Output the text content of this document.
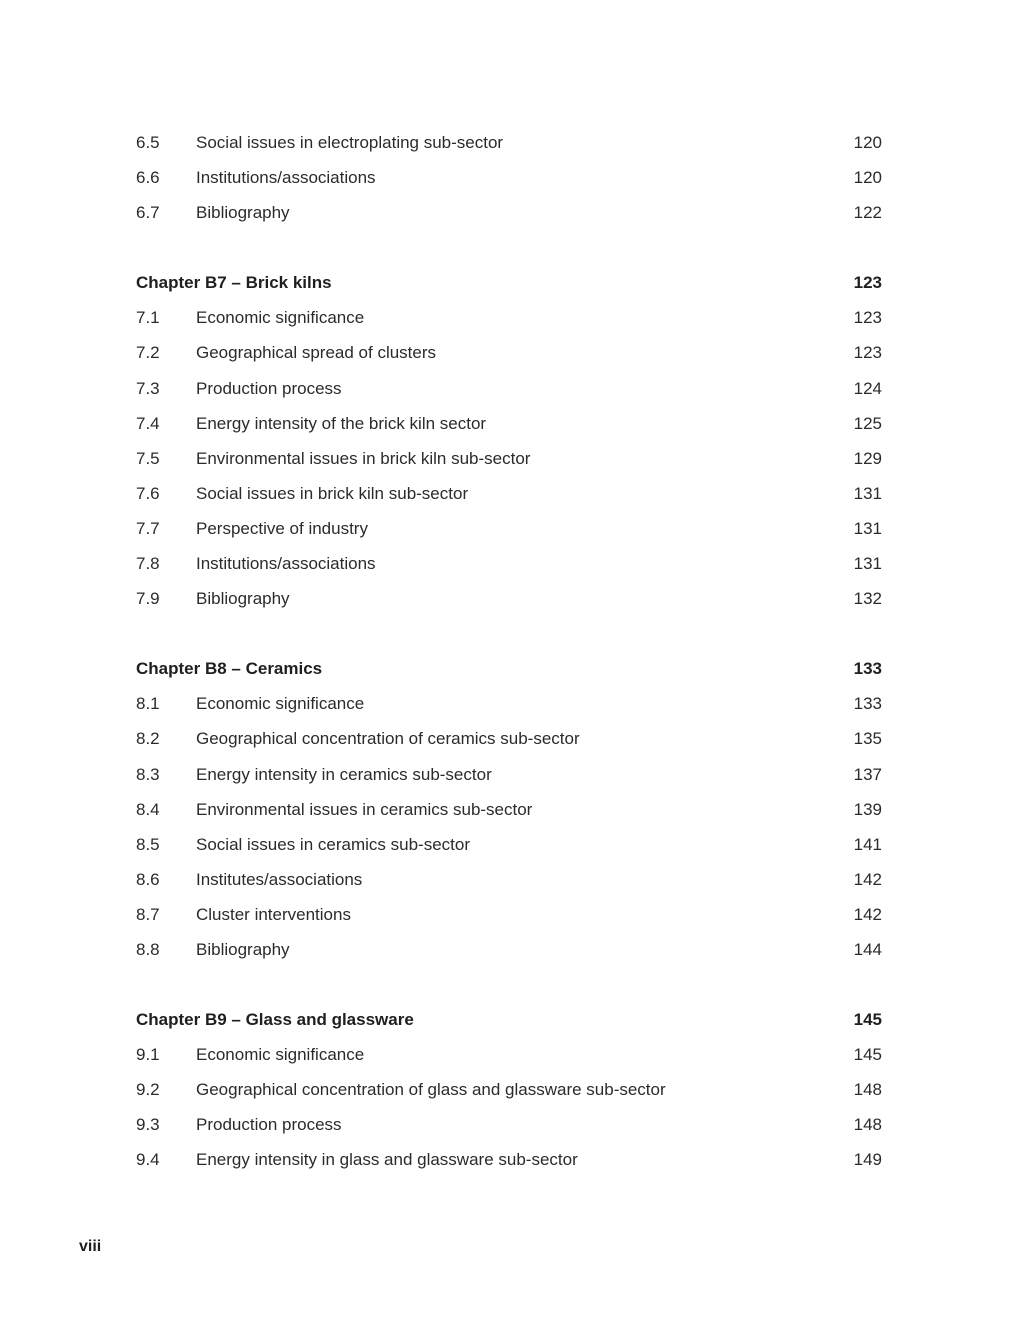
6.5 Social issues in electroplating sub-sector	120
6.6 Institutions/associations	120
6.7 Bibliography	122
Chapter B7 – Brick kilns	123
7.1 Economic significance	123
7.2 Geographical spread of clusters	123
7.3 Production process	124
7.4 Energy intensity of the brick kiln sector	125
7.5 Environmental issues in brick kiln sub-sector	129
7.6 Social issues in brick kiln sub-sector	131
7.7 Perspective of industry	131
7.8 Institutions/associations	131
7.9 Bibliography	132
Chapter B8 – Ceramics	133
8.1 Economic significance	133
8.2 Geographical concentration of ceramics sub-sector	135
8.3 Energy intensity in ceramics sub-sector	137
8.4 Environmental issues in ceramics sub-sector	139
8.5 Social issues in ceramics sub-sector	141
8.6 Institutes/associations	142
8.7 Cluster interventions	142
8.8 Bibliography	144
Chapter B9 – Glass and glassware	145
9.1 Economic significance	145
9.2 Geographical concentration of glass and glassware sub-sector	148
9.3 Production process	148
9.4 Energy intensity in glass and glassware sub-sector	149
viii
